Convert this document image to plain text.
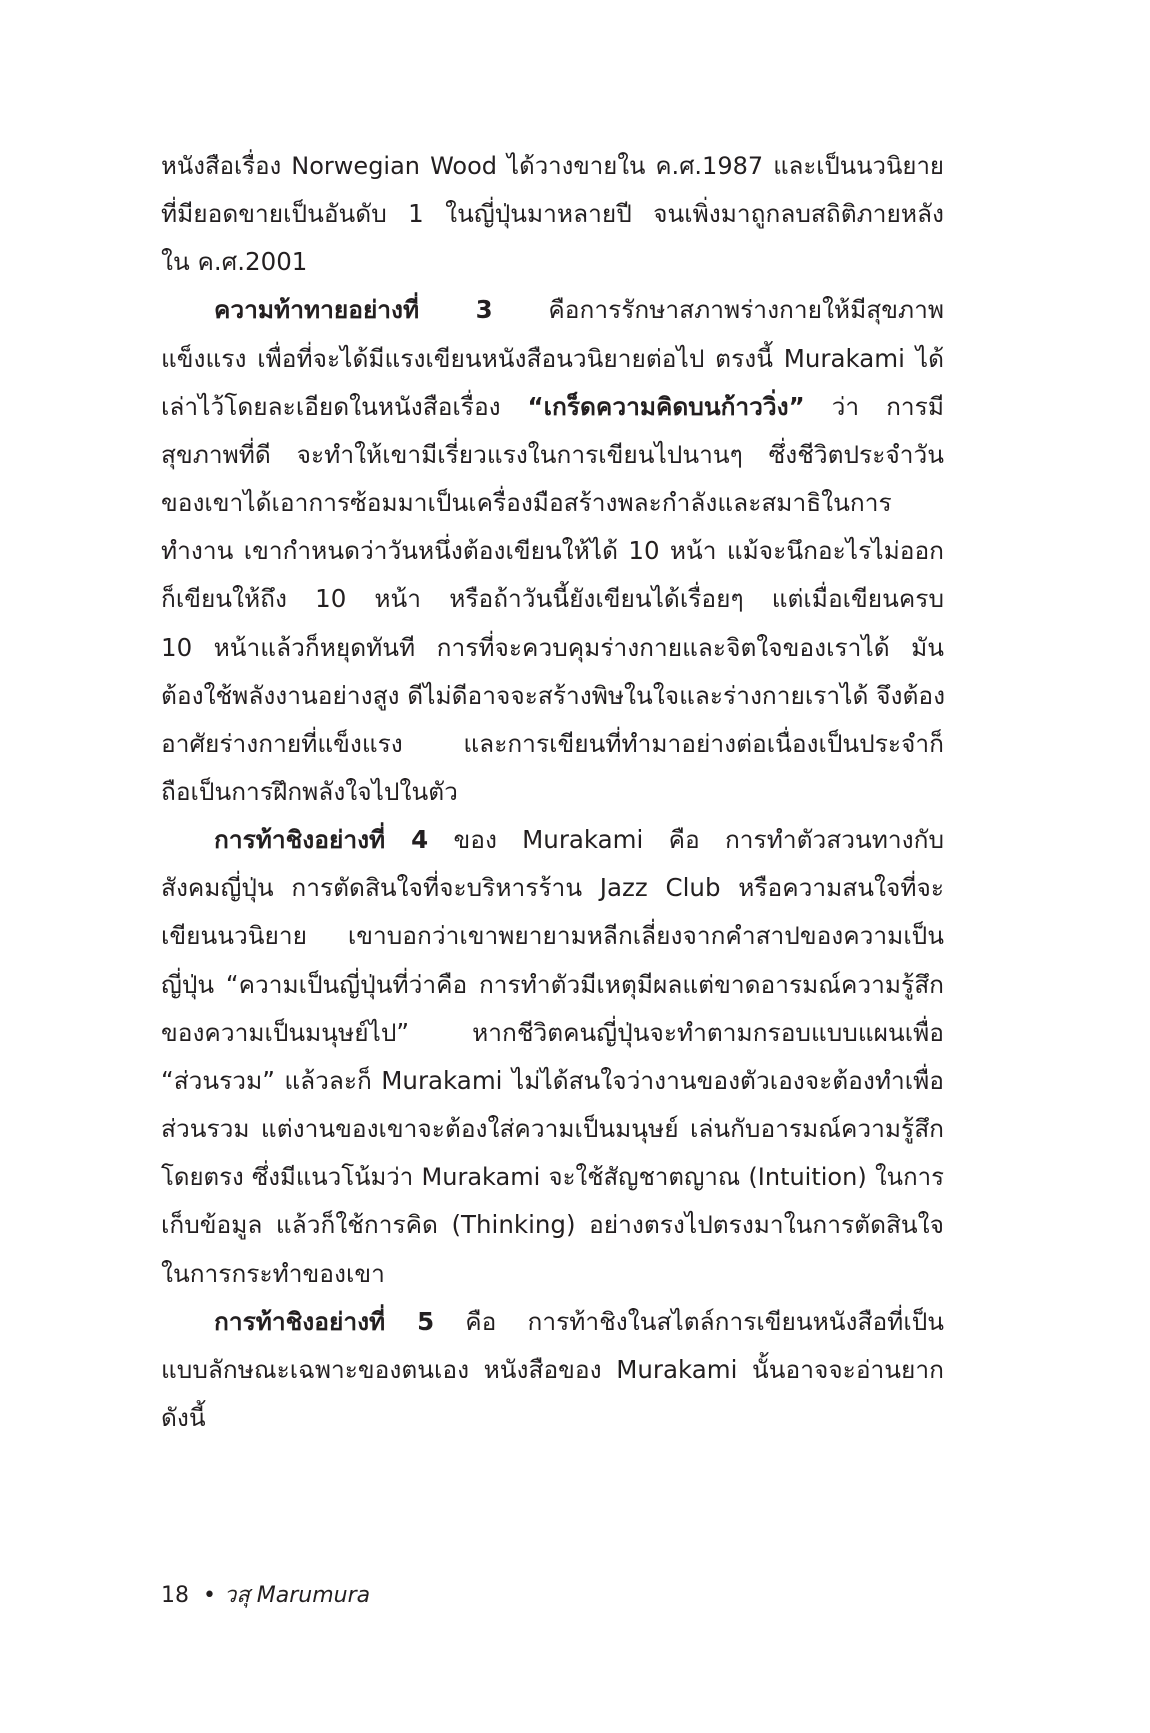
หนังสือเรื่อง Norwegian Wood ได้วางขายใน ค.ศ.1987 และเป็นนวนิยาย
ที่มียอดขายเป็นอันดับ 1 ในญี่ปุ่นมาหลายปี จนเพิ่งมาถูกลบสถิติภายหลัง
ใน ค.ศ.2001
ความท้าทายอย่างที่ 3 คือการรักษาสภาพร่างกายให้มีสุขภาพ
แข็งแรง เพื่อที่จะได้มีแรงเขียนหนังสือนวนิยายต่อไป ตรงนี้ Murakami ได้
เล่าไว้โดยละเอียดในหนังสือเรื่อง “เกร็ดความคิดบนก้าววิ่ง” ว่า การมี
สุขภาพที่ดี จะทำให้เขามีเรี่ยวแรงในการเขียนไปนานๆ ซึ่งชีวิตประจำวัน
ของเขาได้เอาการซ้อมมาเป็นเครื่องมือสร้างพละกำลังและสมาธิในการ
ทำงาน เขากำหนดว่าวันหนึ่งต้องเขียนให้ได้ 10 หน้า แม้จะนึกอะไรไม่ออก
ก็เขียนให้ถึง 10 หน้า หรือถ้าวันนี้ยังเขียนได้เรื่อยๆ แต่เมื่อเขียนครบ
10 หน้าแล้วก็หยุดทันที การที่จะควบคุมร่างกายและจิตใจของเราได้ มัน
ต้องใช้พลังงานอย่างสูง ดีไม่ดีอาจจะสร้างพิษในใจและร่างกายเราได้ จึงต้อง
อาศัยร่างกายที่แข็งแรง และการเขียนที่ทำมาอย่างต่อเนื่องเป็นประจำก็
ถือเป็นการฝึกพลังใจไปในตัว
การท้าชิงอย่างที่ 4 ของ Murakami คือ การทำตัวสวนทางกับ
สังคมญี่ปุ่น การตัดสินใจที่จะบริหารร้าน Jazz Club หรือความสนใจที่จะ
เขียนนวนิยาย เขาบอกว่าเขาพยายามหลีกเลี่ยงจากคำสาปของความเป็น
ญี่ปุ่น “ความเป็นญี่ปุ่นที่ว่าคือ การทำตัวมีเหตุมีผลแต่ขาดอารมณ์ความรู้สึก
ของความเป็นมนุษย์ไป” หากชีวิตคนญี่ปุ่นจะทำตามกรอบแบบแผนเพื่อ
“ส่วนรวม” แล้วละก็ Murakami ไม่ได้สนใจว่างานของตัวเองจะต้องทำเพื่อ
ส่วนรวม แต่งานของเขาจะต้องใส่ความเป็นมนุษย์ เล่นกับอารมณ์ความรู้สึก
โดยตรง ซึ่งมีแนวโน้มว่า Murakami จะใช้สัญชาตญาณ (Intuition) ในการ
เก็บข้อมูล แล้วก็ใช้การคิด (Thinking) อย่างตรงไปตรงมาในการตัดสินใจ
ในการกระทำของเขา
การท้าชิงอย่างที่ 5 คือ การท้าชิงในสไตล์การเขียนหนังสือที่เป็น
แบบลักษณะเฉพาะของตนเอง หนังสือของ Murakami นั้นอาจจะอ่านยาก
ดังนี้
18 • วสุ Marumura
